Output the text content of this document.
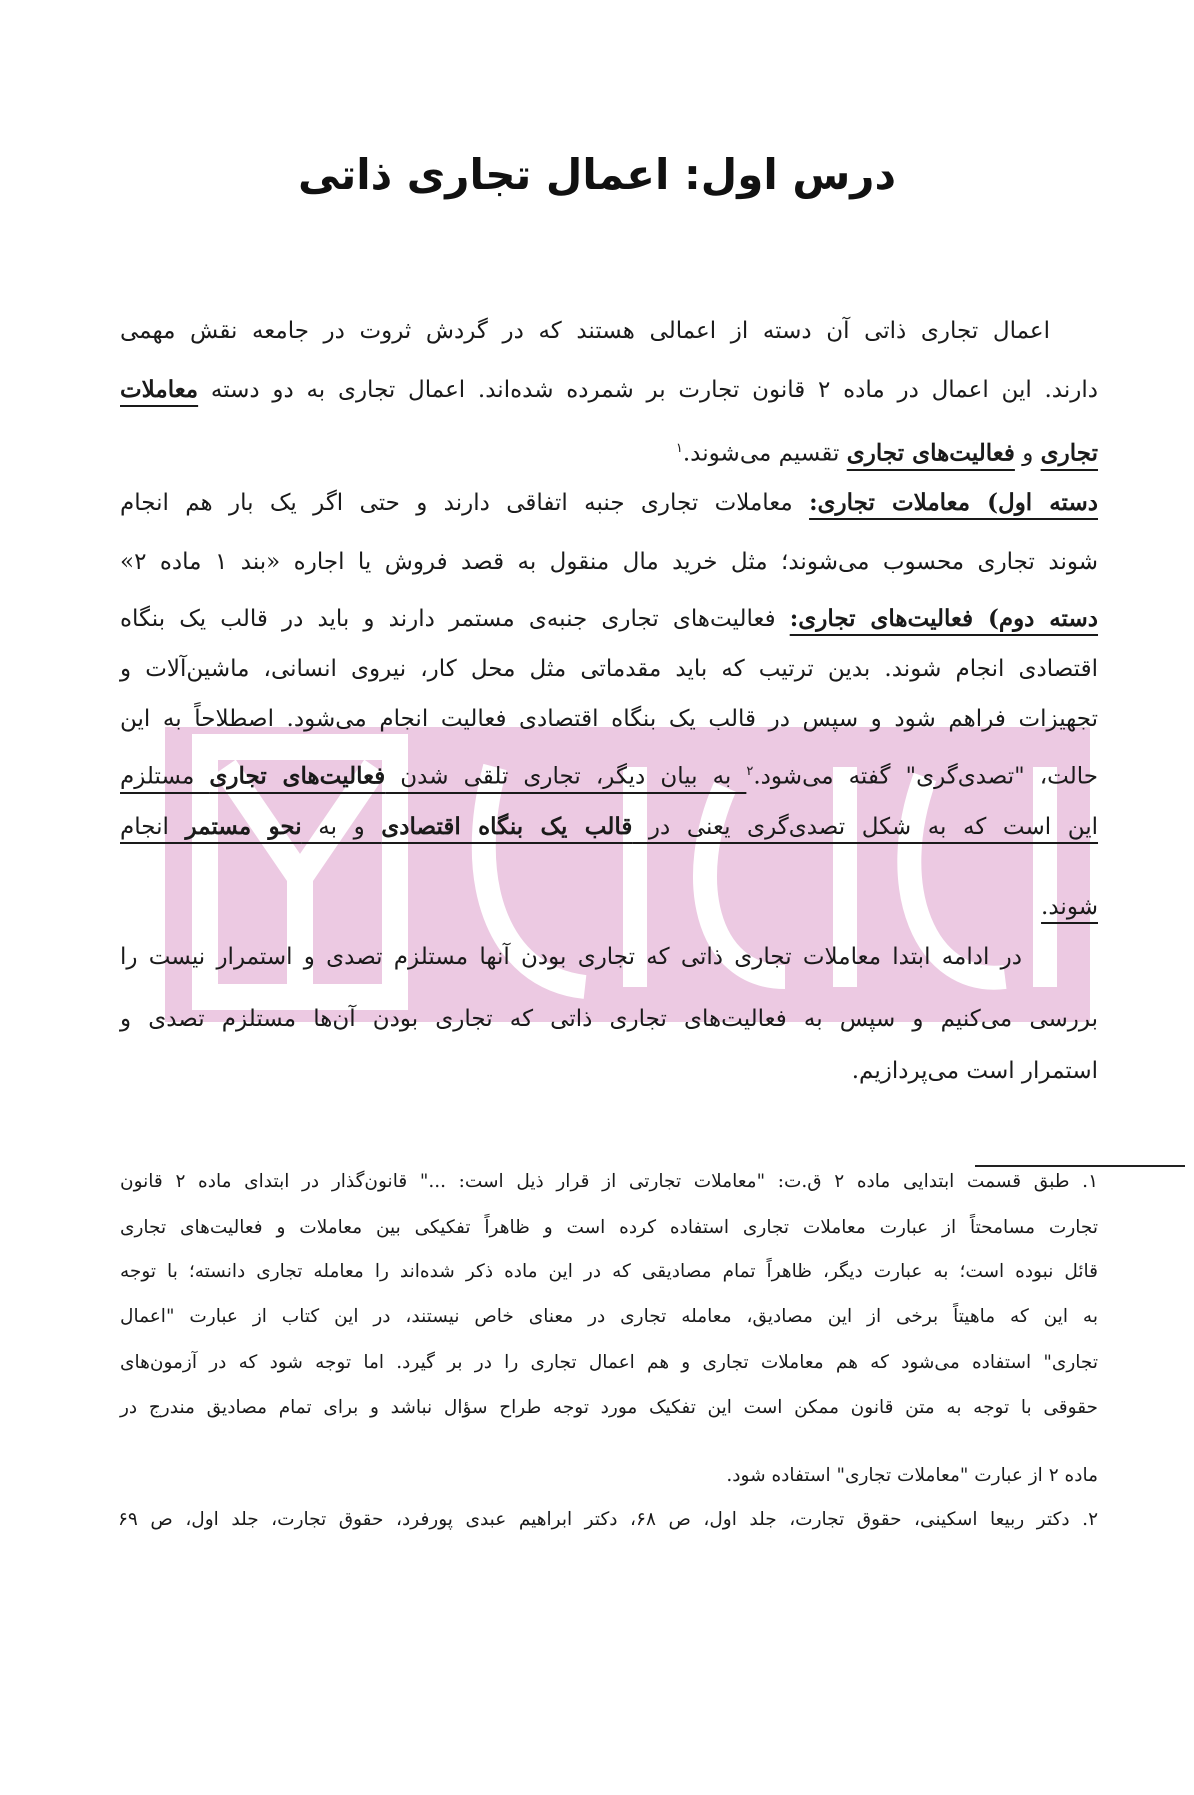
درس اول: اعمال تجاری ذاتی
اعمال تجاری ذاتی آن دسته از اعمالی هستند که در گردش ثروت در جامعه نقش مهمی
دارند. این اعمال در ماده ۲ قانون تجارت بر شمرده شده‌اند. اعمال تجاری به دو دسته معاملات
تجاری و فعالیت‌های تجاری تقسیم می‌شوند.$^۱$
دسته اول) معاملات تجاری: معاملات تجاری جنبه اتفاقی دارند و حتی اگر یک بار هم انجام
شوند تجاری محسوب می‌شوند؛ مثل خرید مال منقول به قصد فروش یا اجاره «بند ۱ ماده ۲»
دسته دوم) فعالیت‌های تجاری: فعالیت‌های تجاری جنبه‌ی مستمر دارند و باید در قالب یک بنگاه
اقتصادی انجام شوند. بدین ترتیب که باید مقدماتی مثل محل کار، نیروی انسانی، ماشین‌آلات و
تجهیزات فراهم شود و سپس در قالب یک بنگاه اقتصادی فعالیت انجام می‌شود. اصطلاحاً به این
حالت، "تصدی‌گری" گفته می‌شود.$^۲$ به بیان دیگر، تجاری تلقی شدن فعالیت‌های تجاری مستلزم
این است که به شکل تصدی‌گری یعنی در قالب یک بنگاه اقتصادی و به نحو مستمر انجام
شوند.
در ادامه ابتدا معاملات تجاری ذاتی که تجاری بودن آنها مستلزم تصدی و استمرار نیست را
بررسی می‌کنیم و سپس به فعالیت‌های تجاری ذاتی که تجاری بودن آن‌ها مستلزم تصدی و
استمرار است می‌پردازیم.
۱. طبق قسمت ابتدایی ماده ۲ ق.ت: "معاملات تجارتی از قرار ذیل است: ..." قانون‌گذار در ابتدای ماده ۲ قانون
تجارت مسامحتاً از عبارت معاملات تجاری استفاده کرده است و ظاهراً تفکیکی بین معاملات و فعالیت‌های تجاری
قائل نبوده است؛ به عبارت دیگر، ظاهراً تمام مصادیقی که در این ماده ذکر شده‌اند را معامله تجاری دانسته؛ با توجه
به این که ماهیتاً برخی از این مصادیق، معامله تجاری در معنای خاص نیستند، در این کتاب از عبارت "اعمال
تجاری" استفاده می‌شود که هم معاملات تجاری و هم اعمال تجاری را در بر گیرد. اما توجه شود که در آزمون‌های
حقوقی با توجه به متن قانون ممکن است این تفکیک مورد توجه طراح سؤال نباشد و برای تمام مصادیق مندرج در
ماده ۲ از عبارت "معاملات تجاری" استفاده شود.
۲. دکتر ربیعا اسکینی، حقوق تجارت، جلد اول، ص ۶۸، دکتر ابراهیم عبدی پورفرد، حقوق تجارت، جلد اول، ص ۶۹
